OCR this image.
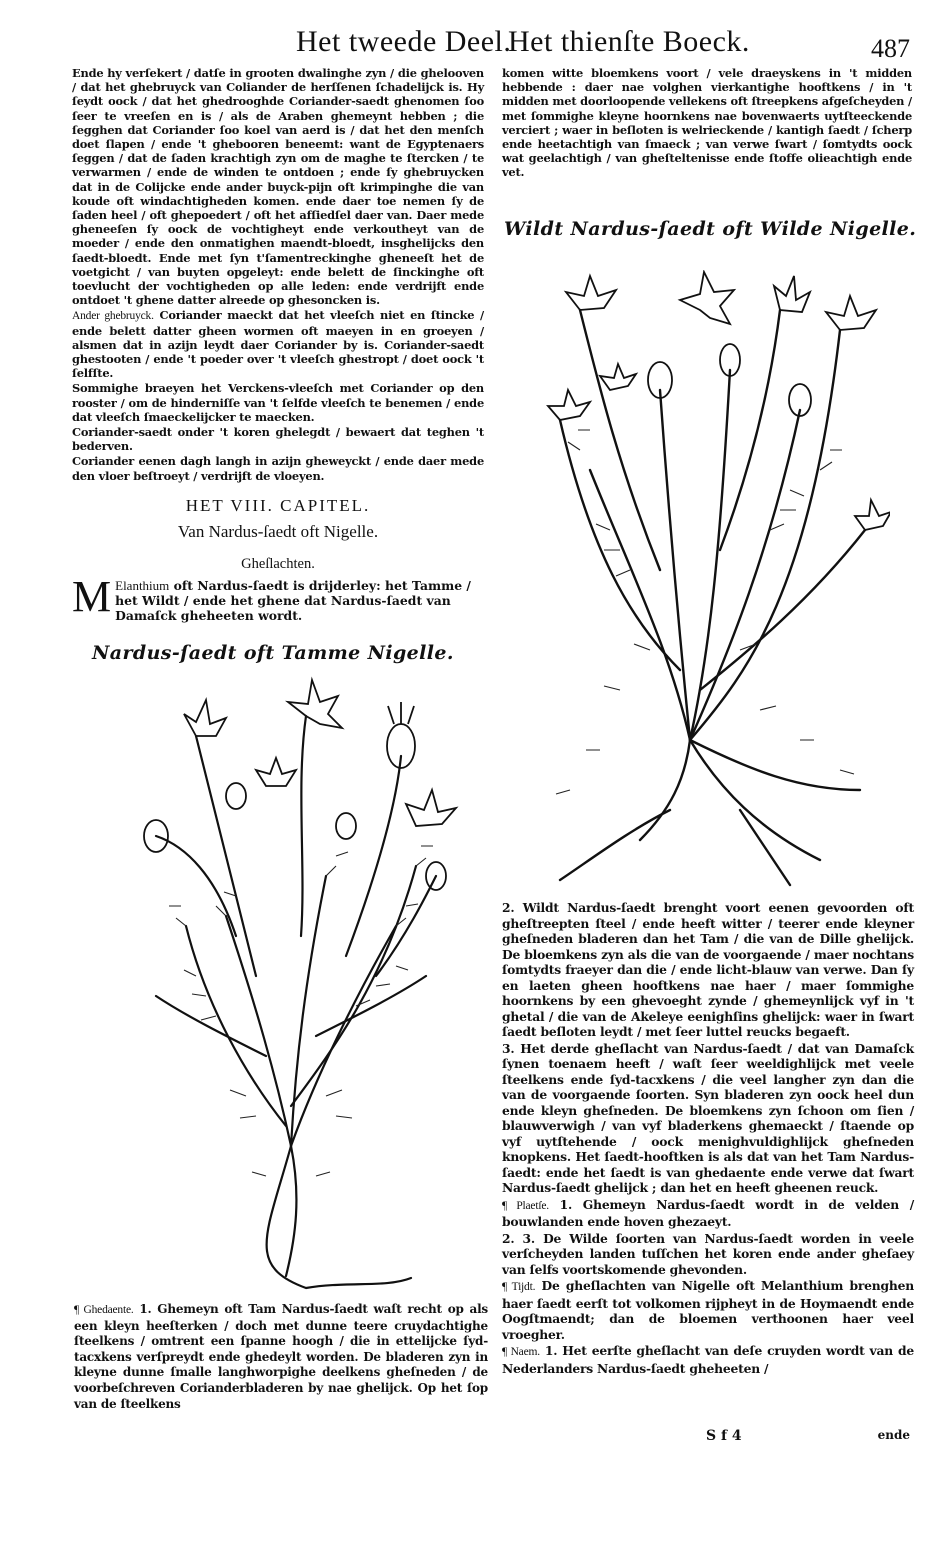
Het tweede Deel.
Het thienſte Boeck.	487

Ende hy verſekert / datſe in grooten dwalinghe zyn / die ghelooven / dat het ghebruyck van Coliander de herſſenen ſchadelijck is. Hy ſeydt oock / dat het ghedrooghde Coriander-saedt ghenomen ſoo ſeer te vreeſen en is / als de Araben ghemeynt hebben ; die ſegghen dat Coriander ſoo koel van aerd is / dat het den menſch doet ſlapen / ende 't ghebooren beneemt: want de Egyptenaers ſeggen / dat de ſaden krachtigh zyn om de maghe te ſtercken / te verwarmen / ende de winden te ontdoen ; ende ſy ghebruycken dat in de Colijcke ende ander buyck-pijn oft krimpinghe die van koude oft windachtigheden komen. ende daer toe nemen ſy de ſaden heel / oft ghepoedert / oft het afſiedſel daer van. Daer mede gheneeſen ſy oock de vochtigheyt ende verkoutheyt van de moeder / ende den onmatighen maendt-bloedt, insghelijcks den ſaedt-bloedt. Ende met ſyn t'ſamentreckinghe gheneeſt het de voetgicht / van buyten opgeleyt: ende belett de ſinckinghe oft toevlucht der vochtigheden op alle leden: ende verdrijft ende ontdoet 't ghene datter alreede op ghesoncken is.

Ander ghebruyck. Coriander maeckt dat het vleeſch niet en ſtincke / ende belett datter gheen wormen oft maeyen in en groeyen / alsmen dat in azijn leydt daer Coriander by is. Coriander-saedt ghestooten / ende 't poeder over 't vleeſch ghestropt / doet oock 't ſelfſte.

Sommighe braeyen het Verckens-vleeſch met Coriander op den rooster / om de hinderniſſe van 't ſelfde vleeſch te benemen / ende dat vleeſch ſmaeckelijcker te maecken.

Coriander-saedt onder 't koren ghelegdt / bewaert dat teghen 't bederven.

Coriander eenen dagh langh in azijn gheweyckt / ende daer mede den vloer beſtroeyt / verdrijft de vloeyen.

HET VIII. CAPITEL.
Van Nardus-ſaedt oft Nigelle.
Gheſlachten.
M Elanthium oft Nardus-ſaedt is drijderley: het Tamme / het Wildt / ende het ghene dat Nardus-ſaedt van Damaſck gheheeten wordt.
Nardus-ſaedt oft Tamme Nigelle.

¶ Ghedaente. 1. Ghemeyn oft Tam Nardus-ſaedt waſt recht op als een kleyn heeſterken / doch met dunne teere cruydachtighe ſteelkens / omtrent een ſpanne hoogh / die in ettelijcke ſyd-tacxkens verſpreydt ende ghedeylt worden. De bladeren zyn in kleyne dunne ſmalle langhworpighe deelkens gheſneden / de voorbeſchreven Corianderbladeren by nae ghelijck. Op het ſop van de ſteelkens

komen witte bloemkens voort / vele draeyskens in 't midden hebbende : daer nae volghen vierkantighe hooftkens / in 't midden met doorloopende vellekens oft ſtreepkens afgeſcheyden / met ſommighe kleyne hoornkens nae bovenwaerts uytſteeckende verciert ; waer in beſloten is welrieckende / kantigh ſaedt / ſcherp ende heetachtigh van ſmaeck ; van verwe ſwart / ſomtydts oock wat geelachtigh / van gheſteltenisse ende ſtoffe olieachtigh ende vet.

Wildt Nardus-ſaedt oft Wilde Nigelle.

2. Wildt Nardus-ſaedt brenght voort eenen gevoorden oft gheſtreepten ſteel / ende heeft witter / teerer ende kleyner gheſneden bladeren dan het Tam / die van de Dille ghelijck. De bloemkens zyn als die van de voorgaende / maer nochtans ſomtydts fraeyer dan die / ende licht-blauw van verwe. Dan ſy en laeten gheen hooftkens nae haer / maer ſommighe hoornkens by een ghevoeght zynde / ghemeynlijck vyf in 't ghetal / die van de Akeleye eenighſins ghelijck: waer in ſwart ſaedt beſloten leydt / met ſeer luttel reucks begaeft.

3. Het derde gheſlacht van Nardus-ſaedt / dat van Damaſck ſynen toenaem heeft / waſt ſeer weeldighlijck met veele ſteelkens ende ſyd-tacxkens / die veel langher zyn dan die van de voorgaende ſoorten. Syn bladeren zyn oock heel dun ende kleyn gheſneden. De bloemkens zyn ſchoon om ſien / blauwverwigh / van vyf bladerkens ghemaeckt / ſtaende op vyf uytſtehende / oock menighvuldighlijck gheſneden knopkens. Het ſaedt-hooftken is als dat van het Tam Nardus-ſaedt: ende het ſaedt is van ghedaente ende verwe dat ſwart Nardus-ſaedt ghelijck ; dan het en heeft gheenen reuck.

¶ Plaetſe. 1. Ghemeyn Nardus-ſaedt wordt in de velden / bouwlanden ende hoven ghezaeyt.

2. 3. De Wilde ſoorten van Nardus-ſaedt worden in veele verſcheyden landen tuſſchen het koren ende ander gheſaey van ſelfs voortskomende ghevonden.

¶ Tijdt. De gheſlachten van Nigelle oft Melanthium brenghen haer ſaedt eerſt tot volkomen rijpheyt in de Hoymaendt ende Oogſtmaendt; dan de bloemen verthoonen haer veel vroegher.

¶ Naem. 1. Het eerſte gheſlacht van deſe cruyden wordt van de Nederlanders Nardus-ſaedt gheheeten /

S f 4	ende
